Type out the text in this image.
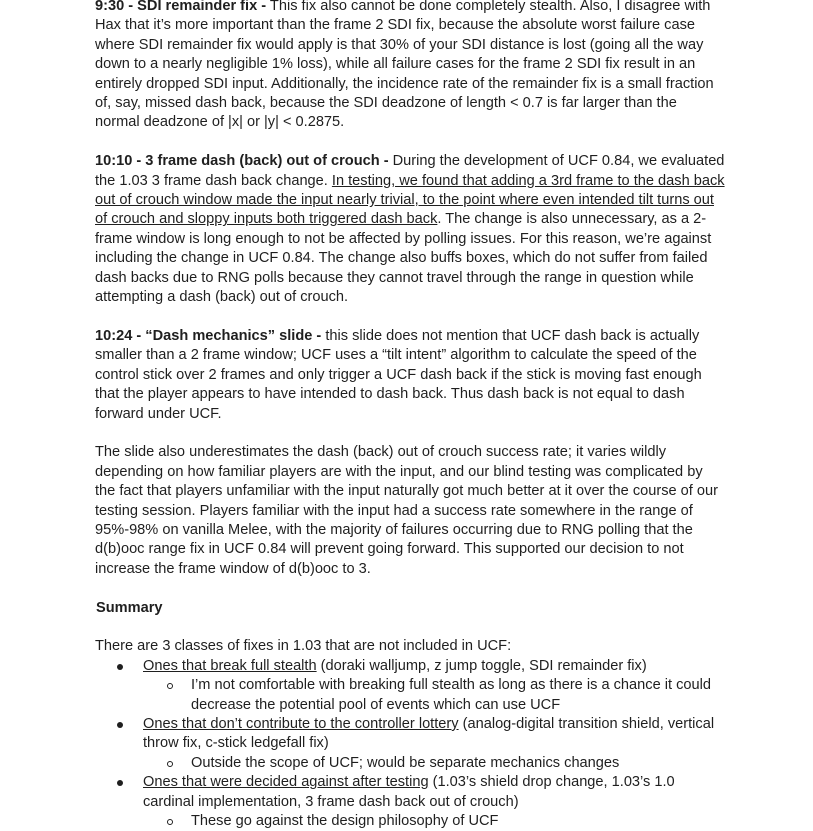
9:30 - SDI remainder fix - This fix also cannot be done completely stealth. Also, I disagree with Hax that it’s more important than the frame 2 SDI fix, because the absolute worst failure case where SDI remainder fix would apply is that 30% of your SDI distance is lost (going all the way down to a nearly negligible 1% loss), while all failure cases for the frame 2 SDI fix result in an entirely dropped SDI input. Additionally, the incidence rate of the remainder fix is a small fraction of, say, missed dash back, because the SDI deadzone of length < 0.7 is far larger than the normal deadzone of |x| or |y| < 0.2875.

10:10 - 3 frame dash (back) out of crouch - During the development of UCF 0.84, we evaluated the 1.03 3 frame dash back change. In testing, we found that adding a 3rd frame to the dash back out of crouch window made the input nearly trivial, to the point where even intended tilt turns out of crouch and sloppy inputs both triggered dash back. The change is also unnecessary, as a 2-frame window is long enough to not be affected by polling issues. For this reason, we’re against including the change in UCF 0.84. The change also buffs boxes, which do not suffer from failed dash backs due to RNG polls because they cannot travel through the range in question while attempting a dash (back) out of crouch.

10:24 - “Dash mechanics” slide - this slide does not mention that UCF dash back is actually smaller than a 2 frame window; UCF uses a “tilt intent” algorithm to calculate the speed of the control stick over 2 frames and only trigger a UCF dash back if the stick is moving fast enough that the player appears to have intended to dash back. Thus dash back is not equal to dash forward under UCF.

The slide also underestimates the dash (back) out of crouch success rate; it varies wildly depending on how familiar players are with the input, and our blind testing was complicated by the fact that players unfamiliar with the input naturally got much better at it over the course of our testing session. Players familiar with the input had a success rate somewhere in the range of 95%-98% on vanilla Melee, with the majority of failures occurring due to RNG polling that the d(b)ooc range fix in UCF 0.84 will prevent going forward. This supported our decision to not increase the frame window of d(b)ooc to 3.

Summary

There are 3 classes of fixes in 1.03 that are not included in UCF:

Ones that break full stealth (doraki walljump, z jump toggle, SDI remainder fix)
I’m not comfortable with breaking full stealth as long as there is a chance it could decrease the potential pool of events which can use UCF
Ones that don’t contribute to the controller lottery (analog-digital transition shield, vertical throw fix, c-stick ledgefall fix)
Outside the scope of UCF; would be separate mechanics changes
Ones that were decided against after testing (1.03’s shield drop change, 1.03’s 1.0 cardinal implementation, 3 frame dash back out of crouch)
These go against the design philosophy of UCF
